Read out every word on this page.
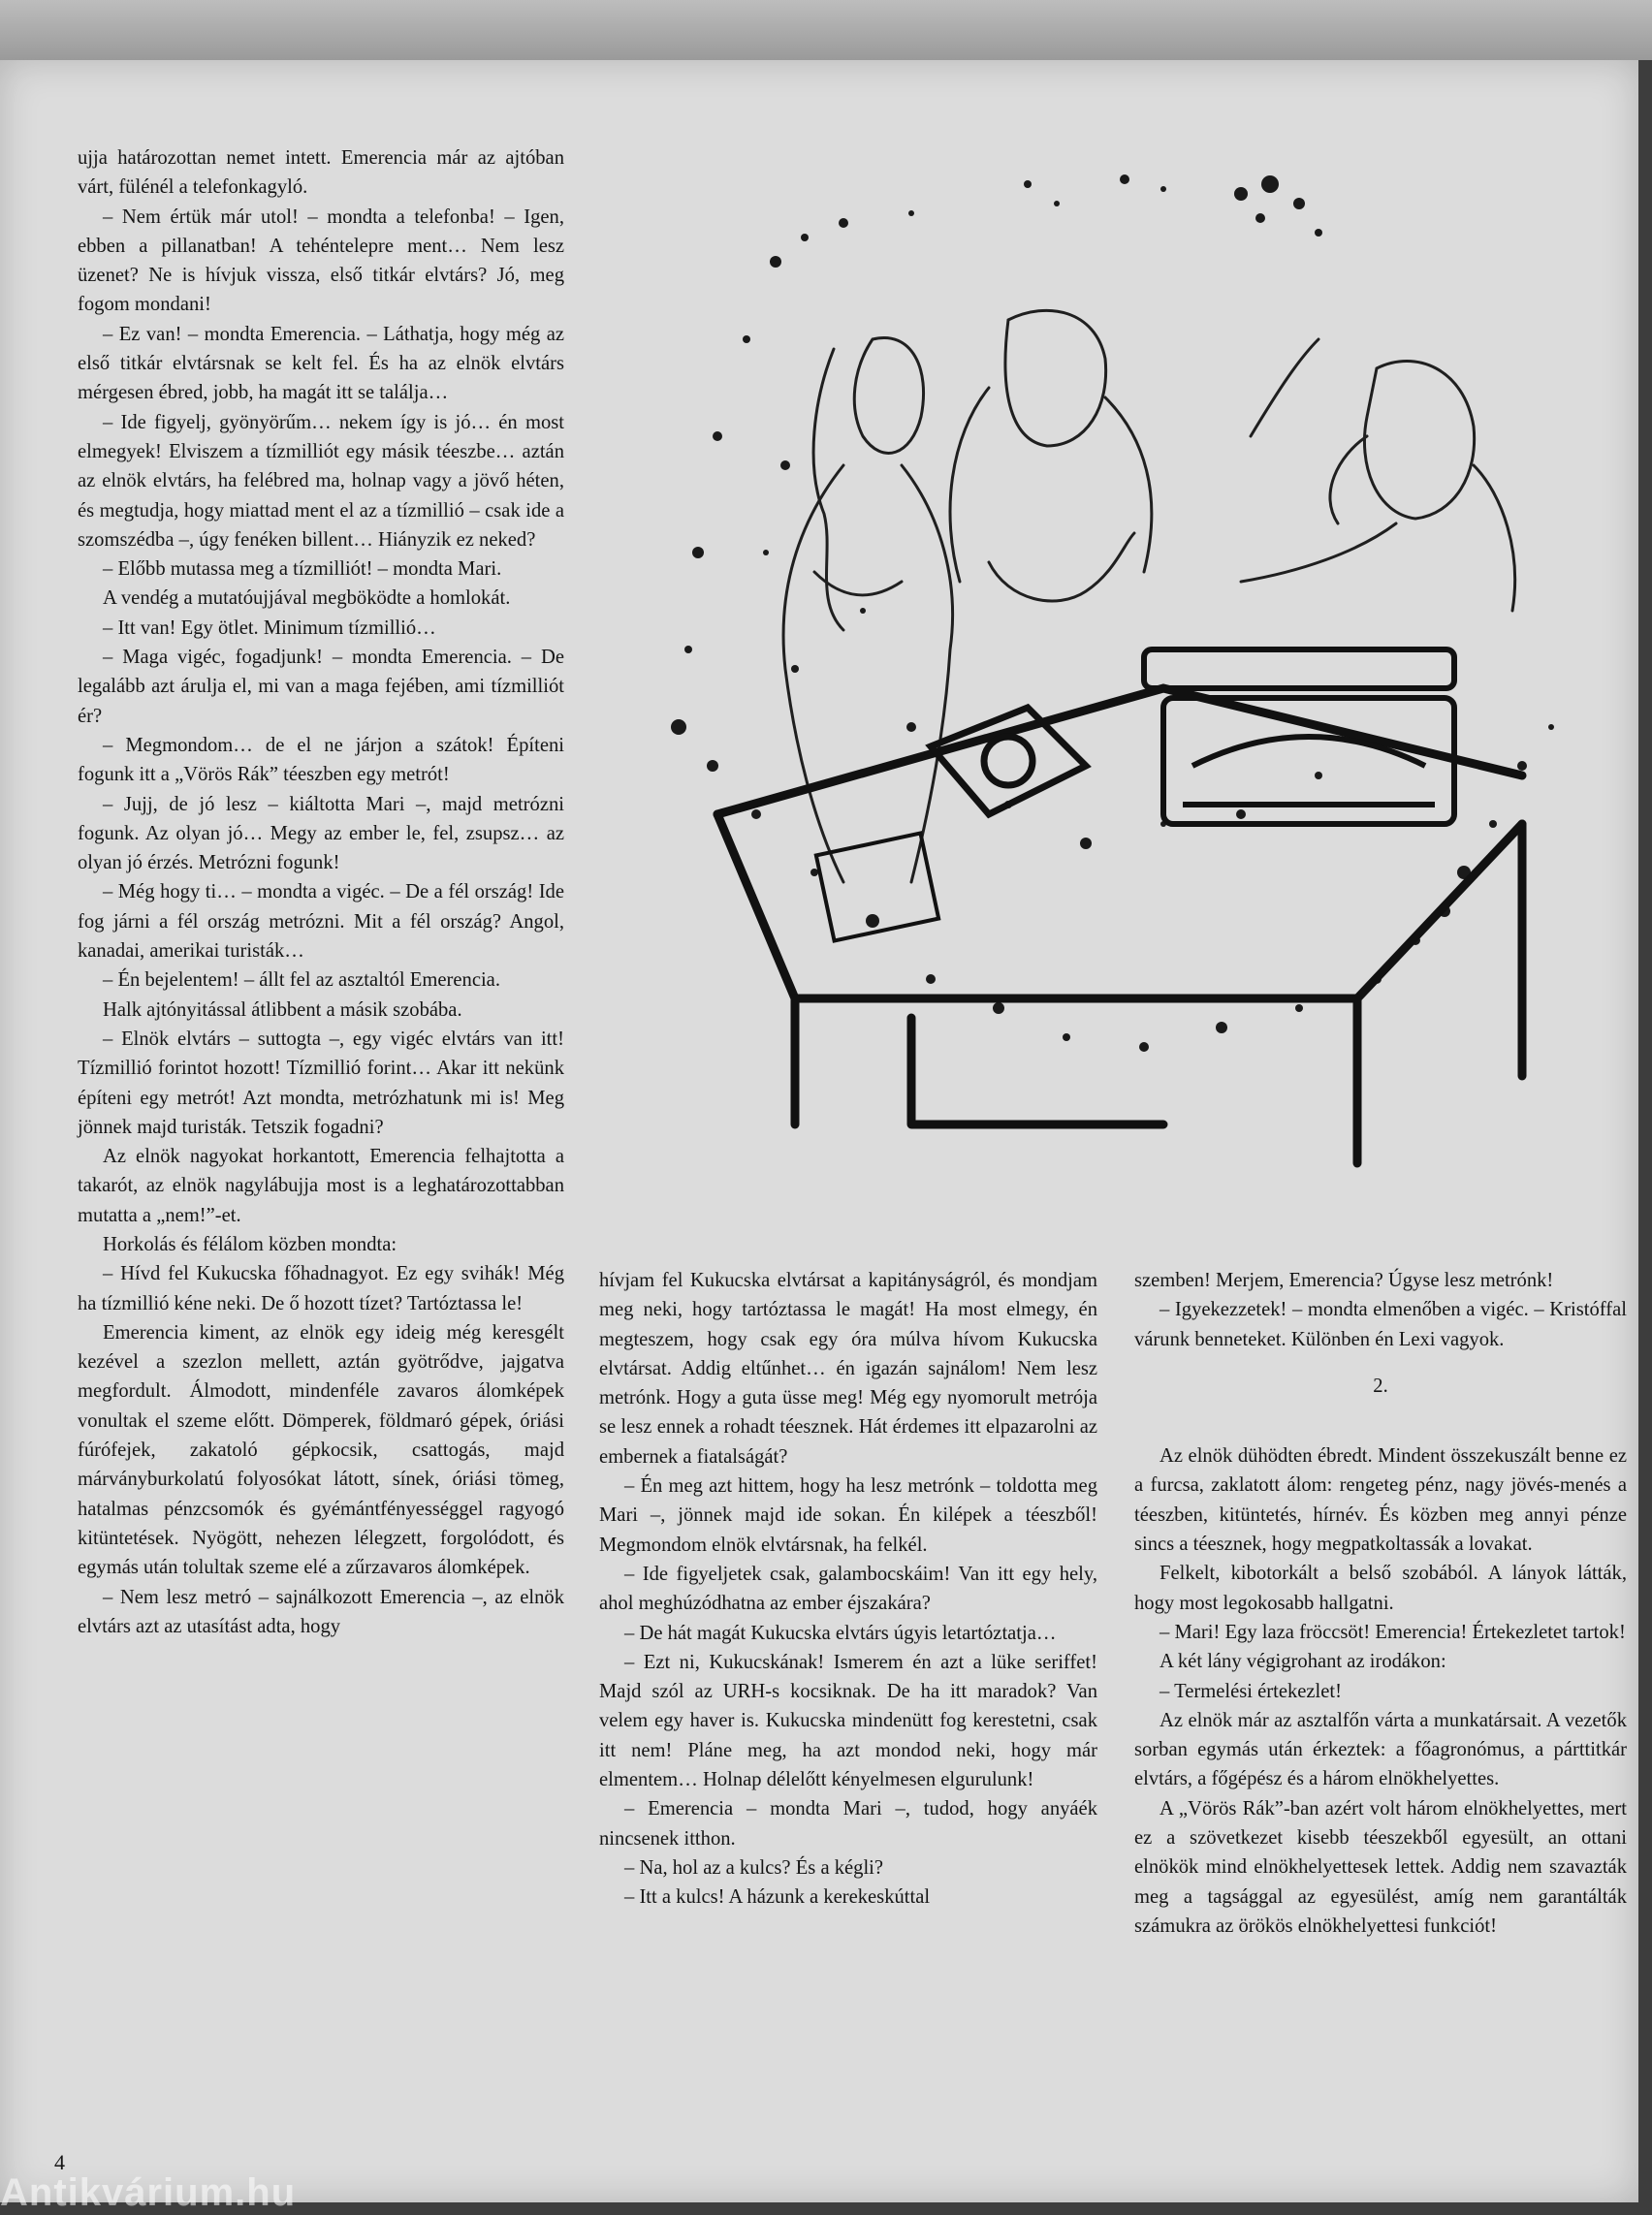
ujja határozottan nemet intett. Emerencia már az ajtóban várt, fülénél a telefonkagyló.

– Nem értük már utol! – mondta a telefonba! – Igen, ebben a pillanatban! A tehéntelepre ment… Nem lesz üzenet? Ne is hívjuk vissza, első titkár elvtárs? Jó, meg fogom mondani!

– Ez van! – mondta Emerencia. – Láthatja, hogy még az első titkár elvtársnak se kelt fel. És ha az elnök elvtárs mérgesen ébred, jobb, ha magát itt se találja…

– Ide figyelj, gyönyörűm… nekem így is jó… én most elmegyek! Elviszem a tízmilliót egy másik téeszbe… aztán az elnök elvtárs, ha felébred ma, holnap vagy a jövő héten, és megtudja, hogy miattad ment el az a tízmillió – csak ide a szomszédba –, úgy fenéken billent… Hiányzik ez neked?

– Előbb mutassa meg a tízmilliót! – mondta Mari.

A vendég a mutatóujjával megböködte a homlokát.

– Itt van! Egy ötlet. Minimum tízmillió…

– Maga vigéc, fogadjunk! – mondta Emerencia. – De legalább azt árulja el, mi van a maga fejében, ami tízmilliót ér?

– Megmondom… de el ne járjon a szátok! Építeni fogunk itt a „Vörös Rák” téeszben egy metrót!

– Jujj, de jó lesz – kiáltotta Mari –, majd metrózni fogunk. Az olyan jó… Megy az ember le, fel, zsupsz… az olyan jó érzés. Metrózni fogunk!

– Még hogy ti… – mondta a vigéc. – De a fél ország! Ide fog járni a fél ország metrózni. Mit a fél ország? Angol, kanadai, amerikai turisták…

– Én bejelentem! – állt fel az asztaltól Emerencia.

Halk ajtónyitással átlibbent a másik szobába.

– Elnök elvtárs – suttogta –, egy vigéc elvtárs van itt! Tízmillió forintot hozott! Tízmillió forint… Akar itt nekünk építeni egy metrót! Azt mondta, metrózhatunk mi is! Meg jönnek majd turisták. Tetszik fogadni?

Az elnök nagyokat horkantott, Emerencia felhajtotta a takarót, az elnök nagylábujja most is a leghatározottabban mutatta a „nem!”-et.

Horkolás és félálom közben mondta:

– Hívd fel Kukucska főhadnagyot. Ez egy svihák! Még ha tízmillió kéne neki. De ő hozott tízet? Tartóztassa le!

Emerencia kiment, az elnök egy ideig még keresgélt kezével a szezlon mellett, aztán gyötrődve, jajgatva megfordult. Álmodott, mindenféle zavaros álomképek vonultak el szeme előtt. Dömperek, földmaró gépek, óriási fúrófejek, zakatoló gépkocsik, csattogás, majd márványburkolatú folyosókat látott, sínek, óriási tömeg, hatalmas pénzcsomók és gyémántfényességgel ragyogó kitüntetések. Nyögött, nehezen lélegzett, forgolódott, és egymás után tolultak szeme elé a zűrzavaros álomképek.

– Nem lesz metró – sajnálkozott Emerencia –, az elnök elvtárs azt az utasítást adta, hogy

hívjam fel Kukucska elvtársat a kapitányságról, és mondjam meg neki, hogy tartóztassa le magát! Ha most elmegy, én megteszem, hogy csak egy óra múlva hívom Kukucska elvtársat. Addig eltűnhet… én igazán sajnálom! Nem lesz metrónk. Hogy a guta üsse meg! Még egy nyomorult metrója se lesz ennek a rohadt téesznek. Hát érdemes itt elpazarolni az embernek a fiatalságát?

– Én meg azt hittem, hogy ha lesz metrónk – toldotta meg Mari –, jönnek majd ide sokan. Én kilépek a téeszből! Megmondom elnök elvtársnak, ha felkél.

– Ide figyeljetek csak, galambocskáim! Van itt egy hely, ahol meghúzódhatna az ember éjszakára?

– De hát magát Kukucska elvtárs úgyis letartóztatja…

– Ezt ni, Kukucskának! Ismerem én azt a lüke seriffet! Majd szól az URH-s kocsiknak. De ha itt maradok? Van velem egy haver is. Kukucska mindenütt fog kerestetni, csak itt nem! Pláne meg, ha azt mondod neki, hogy már elmentem… Holnap délelőtt kényelmesen elgurulunk!

– Emerencia – mondta Mari –, tudod, hogy anyáék nincsenek itthon.

– Na, hol az a kulcs? És a kégli?

– Itt a kulcs! A házunk a kerekeskúttal

szemben! Merjem, Emerencia? Úgyse lesz metrónk!

– Igyekezzetek! – mondta elmenőben a vigéc. – Kristóffal várunk benneteket. Különben én Lexi vagyok.

2.

Az elnök dühödten ébredt. Mindent összekuszált benne ez a furcsa, zaklatott álom: rengeteg pénz, nagy jövés-menés a téeszben, kitüntetés, hírnév. És közben meg annyi pénze sincs a téesznek, hogy megpatkoltassák a lovakat.

Felkelt, kibotorkált a belső szobából. A lányok látták, hogy most legokosabb hallgatni.

– Mari! Egy laza fröccsöt! Emerencia! Értekezletet tartok!

A két lány végigrohant az irodákon:

– Termelési értekezlet!

Az elnök már az asztalfőn várta a munkatársait. A vezetők sorban egymás után érkeztek: a főagronómus, a párttitkár elvtárs, a főgépész és a három elnökhelyettes.

A „Vörös Rák”-ban azért volt három elnökhelyettes, mert ez a szövetkezet kisebb téeszekből egyesült, an ottani elnökök mind elnökhelyettesek lettek. Addig nem szavazták meg a tagsággal az egyesülést, amíg nem garantálták számukra az örökös elnökhelyettesi funkciót!

4
Antikvárium.hu
